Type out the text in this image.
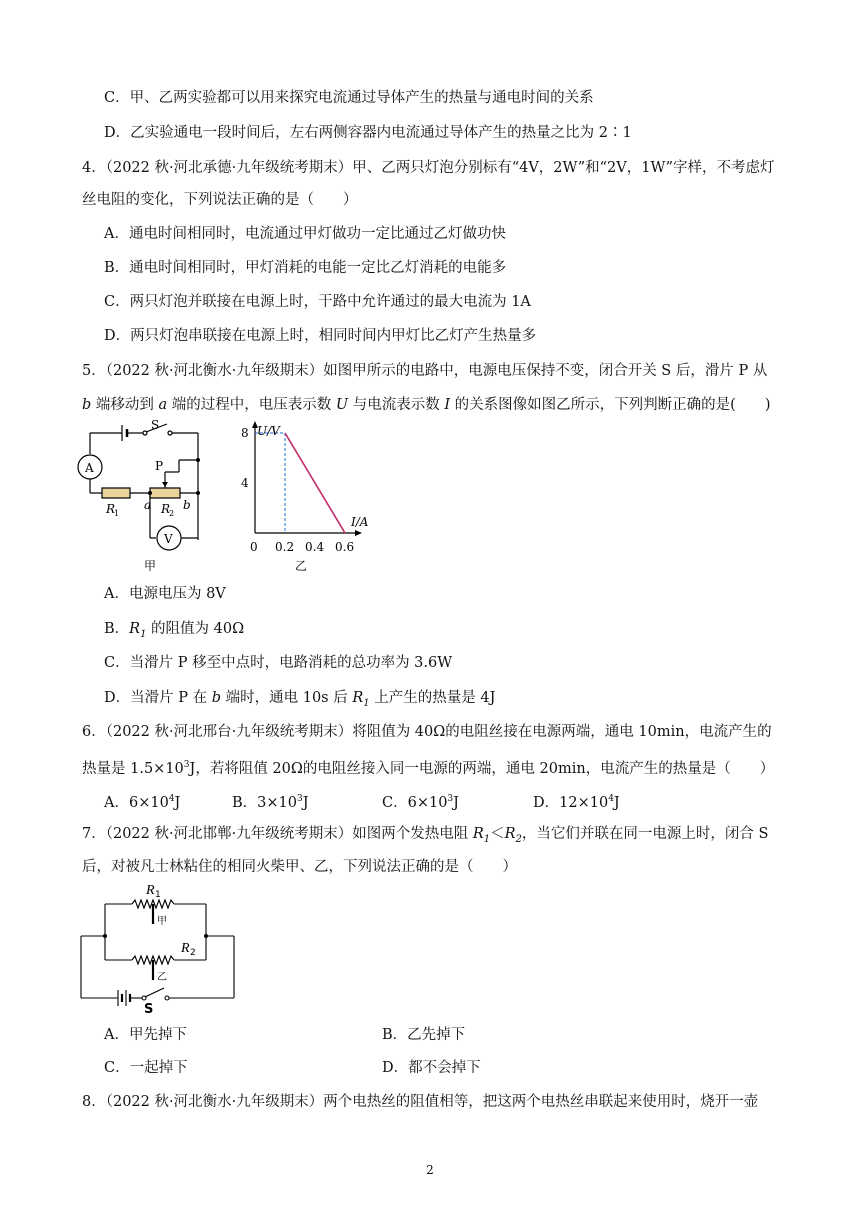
C．甲、乙两实验都可以用来探究电流通过导体产生的热量与通电时间的关系
D．乙实验通电一段时间后，左右两侧容器内电流通过导体产生的热量之比为 2∶1
4．（2022 秋·河北承德·九年级统考期末）甲、乙两只灯泡分别标有“4V，2W”和“2V，1W”字样，不考虑灯
丝电阻的变化，下列说法正确的是（　　）
A．通电时间相同时，电流通过甲灯做功一定比通过乙灯做功快
B．通电时间相同时，甲灯消耗的电能一定比乙灯消耗的电能多
C．两只灯泡并联接在电源上时，干路中允许通过的最大电流为 1A
D．两只灯泡串联接在电源上时，相同时间内甲灯比乙灯产生热量多
5．（2022 秋·河北衡水·九年级期末）如图甲所示的电路中，电源电压保持不变，闭合开关 S 后，滑片 P 从
b 端移动到 a 端的过程中，电压表示数 U 与电流表示数 I 的关系图像如图乙所示，下列判断正确的是(　　)
A
V
S
P
R
1	R
2
a	b
甲
U/V
I/A
8
4
0 0.2 0.4 0.6
乙
A．电源电压为 8V
B．$R_1$ 的阻值为 40Ω
C．当滑片 P 移至中点时，电路消耗的总功率为 3.6W
D．当滑片 P 在 b 端时，通电 10s 后 $R_1$ 上产生的热量是 4J
6．（2022 秋·河北邢台·九年级统考期末）将阻值为 40Ω的电阻丝接在电源两端，通电 10min，电流产生的
热量是 $1.5\times 10^3J$，若将阻值 20Ω的电阻丝接入同一电源的两端，通电 20min，电流产生的热量是（　　）
A．$6\times 10^4J$	B．$3\times 10^3J$	C．$6\times 10^3J$	D．$12\times 10^4J$
7．（2022 秋·河北邯郸·九年级统考期末）如图两个发热电阻 $R_1<R_2$，当它们并联在同一电源上时，闭合 S
后，对被凡士林粘住的相同火柴甲、乙，下列说法正确的是（　　）
R 1
R 2
甲
乙
S
A．甲先掉下	B．乙先掉下
C．一起掉下	D．都不会掉下
8．（2022 秋·河北衡水·九年级期末）两个电热丝的阻值相等，把这两个电热丝串联起来使用时，烧开一壶
2
